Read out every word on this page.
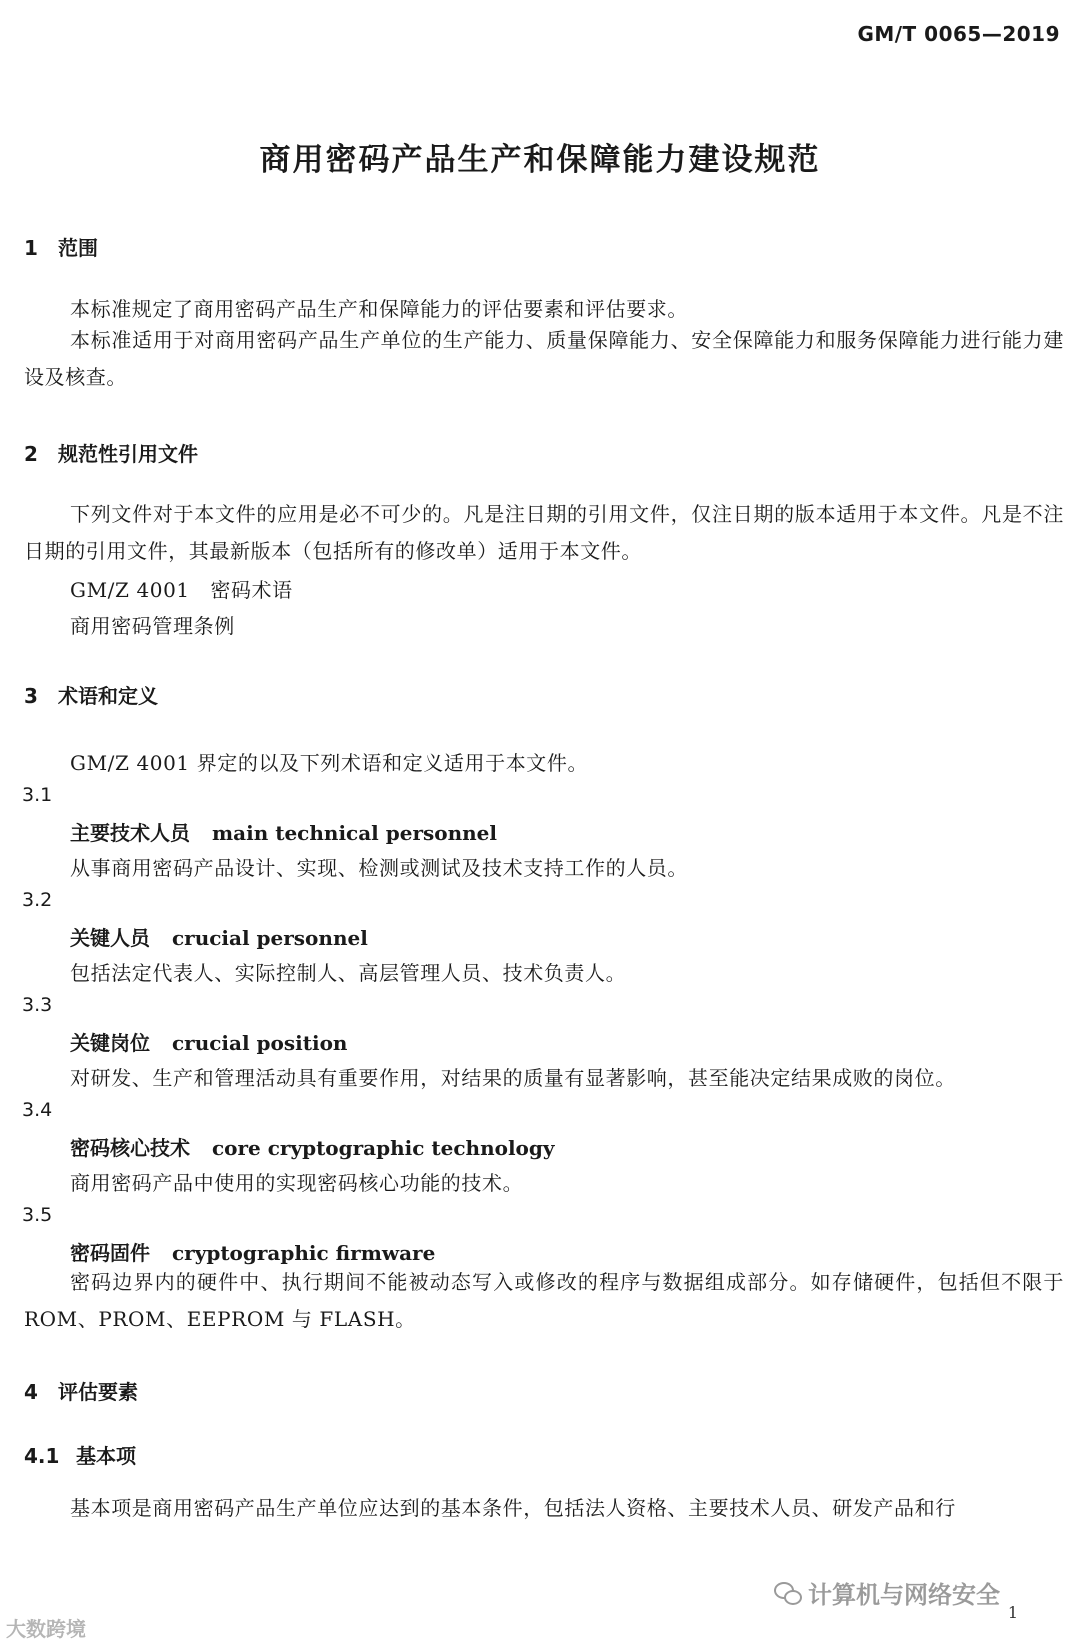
GM/T 0065—2019
商用密码产品生产和保障能力建设规范
1 范围
本标准规定了商用密码产品生产和保障能力的评估要素和评估要求。

本标准适用于对商用密码产品生产单位的生产能力、质量保障能力、安全保障能力和服务保障能力进行能力建设及核查。

2 规范性引用文件

下列文件对于本文件的应用是必不可少的。凡是注日期的引用文件，仅注日期的版本适用于本文件。凡是不注日期的引用文件，其最新版本（包括所有的修改单）适用于本文件。

GM/Z 4001　密码术语
商用密码管理条例
3 术语和定义
GM/Z 4001 界定的以及下列术语和定义适用于本文件。
3.1
主要技术人员 main technical personnel
从事商用密码产品设计、实现、检测或测试及技术支持工作的人员。
3.2
关键人员 crucial personnel
包括法定代表人、实际控制人、高层管理人员、技术负责人。
3.3
关键岗位 crucial position
对研发、生产和管理活动具有重要作用，对结果的质量有显著影响，甚至能决定结果成败的岗位。
3.4
密码核心技术 core cryptographic technology
商用密码产品中使用的实现密码核心功能的技术。
3.5
密码固件 cryptographic firmware

密码边界内的硬件中、执行期间不能被动态写入或修改的程序与数据组成部分。如存储硬件，包括但不限于 ROM、PROM、EEPROM 与 FLASH。

4 评估要素
4.1 基本项
基本项是商用密码产品生产单位应达到的基本条件，包括法人资格、主要技术人员、研发产品和行
大数跨境
计算机与网络安全
1
